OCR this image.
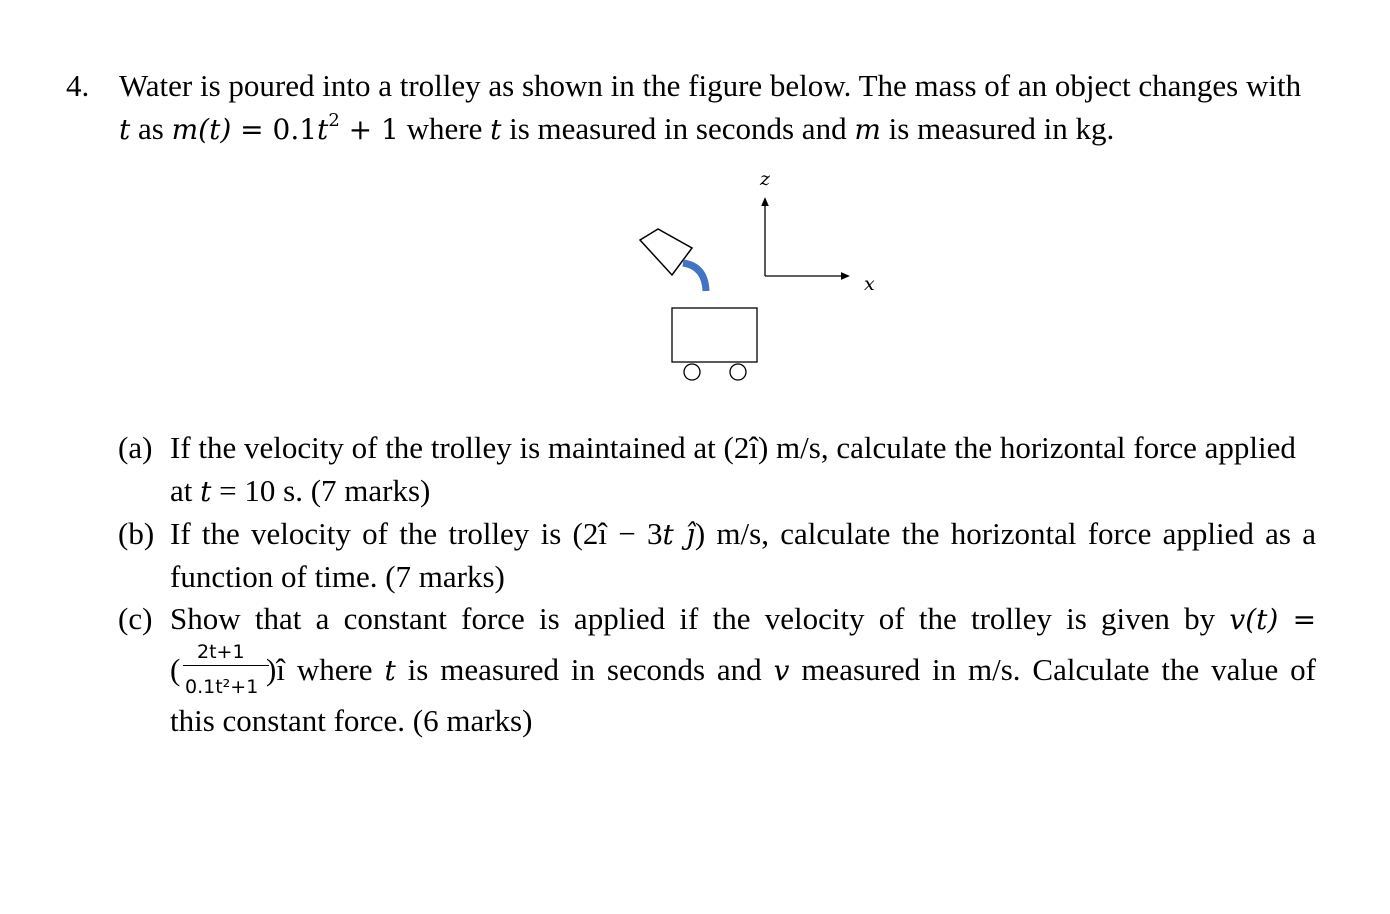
4. Water is poured into a trolley as shown in the figure below. The mass of an object changes with
t as $m(t) = 0.1t^2 + 1$ where t is measured in seconds and m is measured in kg.
z
x
(a) If the velocity of the trolley is maintained at (2î) m/s, calculate the horizontal force applied
at t = 10 s. (7 marks)
(b) If the velocity of the trolley is (2î − 3t ĵ) m/s, calculate the horizontal force applied as a
function of time. (7 marks)
(c) Show that a constant force is applied if the velocity of the trolley is given by v(t) =
( 2t+1
0.1t²+1 )î where t is measured in seconds and v measured in m/s. Calculate the value of
this constant force. (6 marks)
